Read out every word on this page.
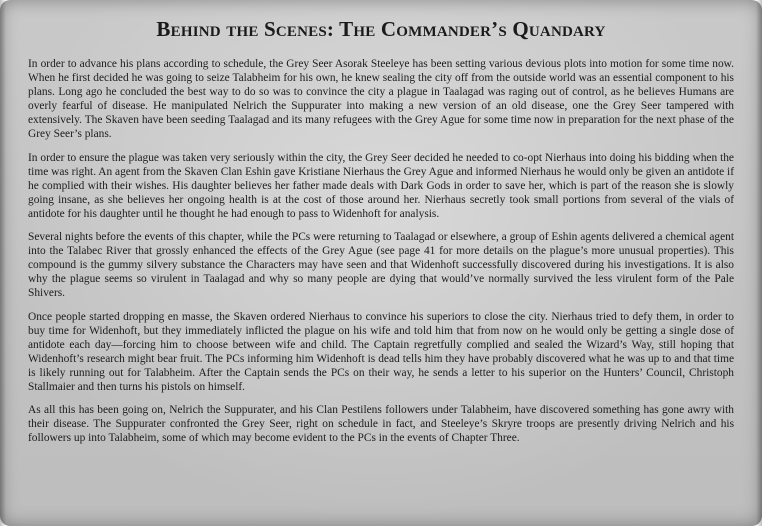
Behind the Scenes: The Commander’s Quandary

In order to advance his plans according to schedule, the Grey Seer Asorak Steeleye has been setting various devious plots into motion for some time now. When he first decided he was going to seize Talabheim for his own, he knew sealing the city off from the outside world was an essential component to his plans. Long ago he concluded the best way to do so was to convince the city a plague in Taalagad was raging out of control, as he believes Humans are overly fearful of disease. He manipulated Nelrich the Suppurater into making a new version of an old disease, one the Grey Seer tampered with extensively. The Skaven have been seeding Taalagad and its many refugees with the Grey Ague for some time now in preparation for the next phase of the Grey Seer’s plans.

In order to ensure the plague was taken very seriously within the city, the Grey Seer decided he needed to co-opt Nierhaus into doing his bidding when the time was right. An agent from the Skaven Clan Eshin gave Kristiane Nierhaus the Grey Ague and informed Nierhaus he would only be given an antidote if he complied with their wishes. His daughter believes her father made deals with Dark Gods in order to save her, which is part of the reason she is slowly going insane, as she believes her ongoing health is at the cost of those around her. Nierhaus secretly took small portions from several of the vials of antidote for his daughter until he thought he had enough to pass to Widenhoft for analysis.

Several nights before the events of this chapter, while the PCs were returning to Taalagad or elsewhere, a group of Eshin agents delivered a chemical agent into the Talabec River that grossly enhanced the effects of the Grey Ague (see page 41 for more details on the plague’s more unusual properties). This compound is the gummy silvery substance the Characters may have seen and that Widenhoft successfully discovered during his investigations. It is also why the plague seems so virulent in Taalagad and why so many people are dying that would’ve normally survived the less virulent form of the Pale Shivers.

Once people started dropping en masse, the Skaven ordered Nierhaus to convince his superiors to close the city. Nierhaus tried to defy them, in order to buy time for Widenhoft, but they immediately inflicted the plague on his wife and told him that from now on he would only be getting a single dose of antidote each day—forcing him to choose between wife and child. The Captain regretfully complied and sealed the Wizard’s Way, still hoping that Widenhoft’s research might bear fruit. The PCs informing him Widenhoft is dead tells him they have probably discovered what he was up to and that time is likely running out for Talabheim. After the Captain sends the PCs on their way, he sends a letter to his superior on the Hunters’ Council, Christoph Stallmaier and then turns his pistols on himself.

As all this has been going on, Nelrich the Suppurater, and his Clan Pestilens followers under Talabheim, have discovered something has gone awry with their disease. The Suppurater confronted the Grey Seer, right on schedule in fact, and Steeleye’s Skryre troops are presently driving Nelrich and his followers up into Talabheim, some of which may become evident to the PCs in the events of Chapter Three.
